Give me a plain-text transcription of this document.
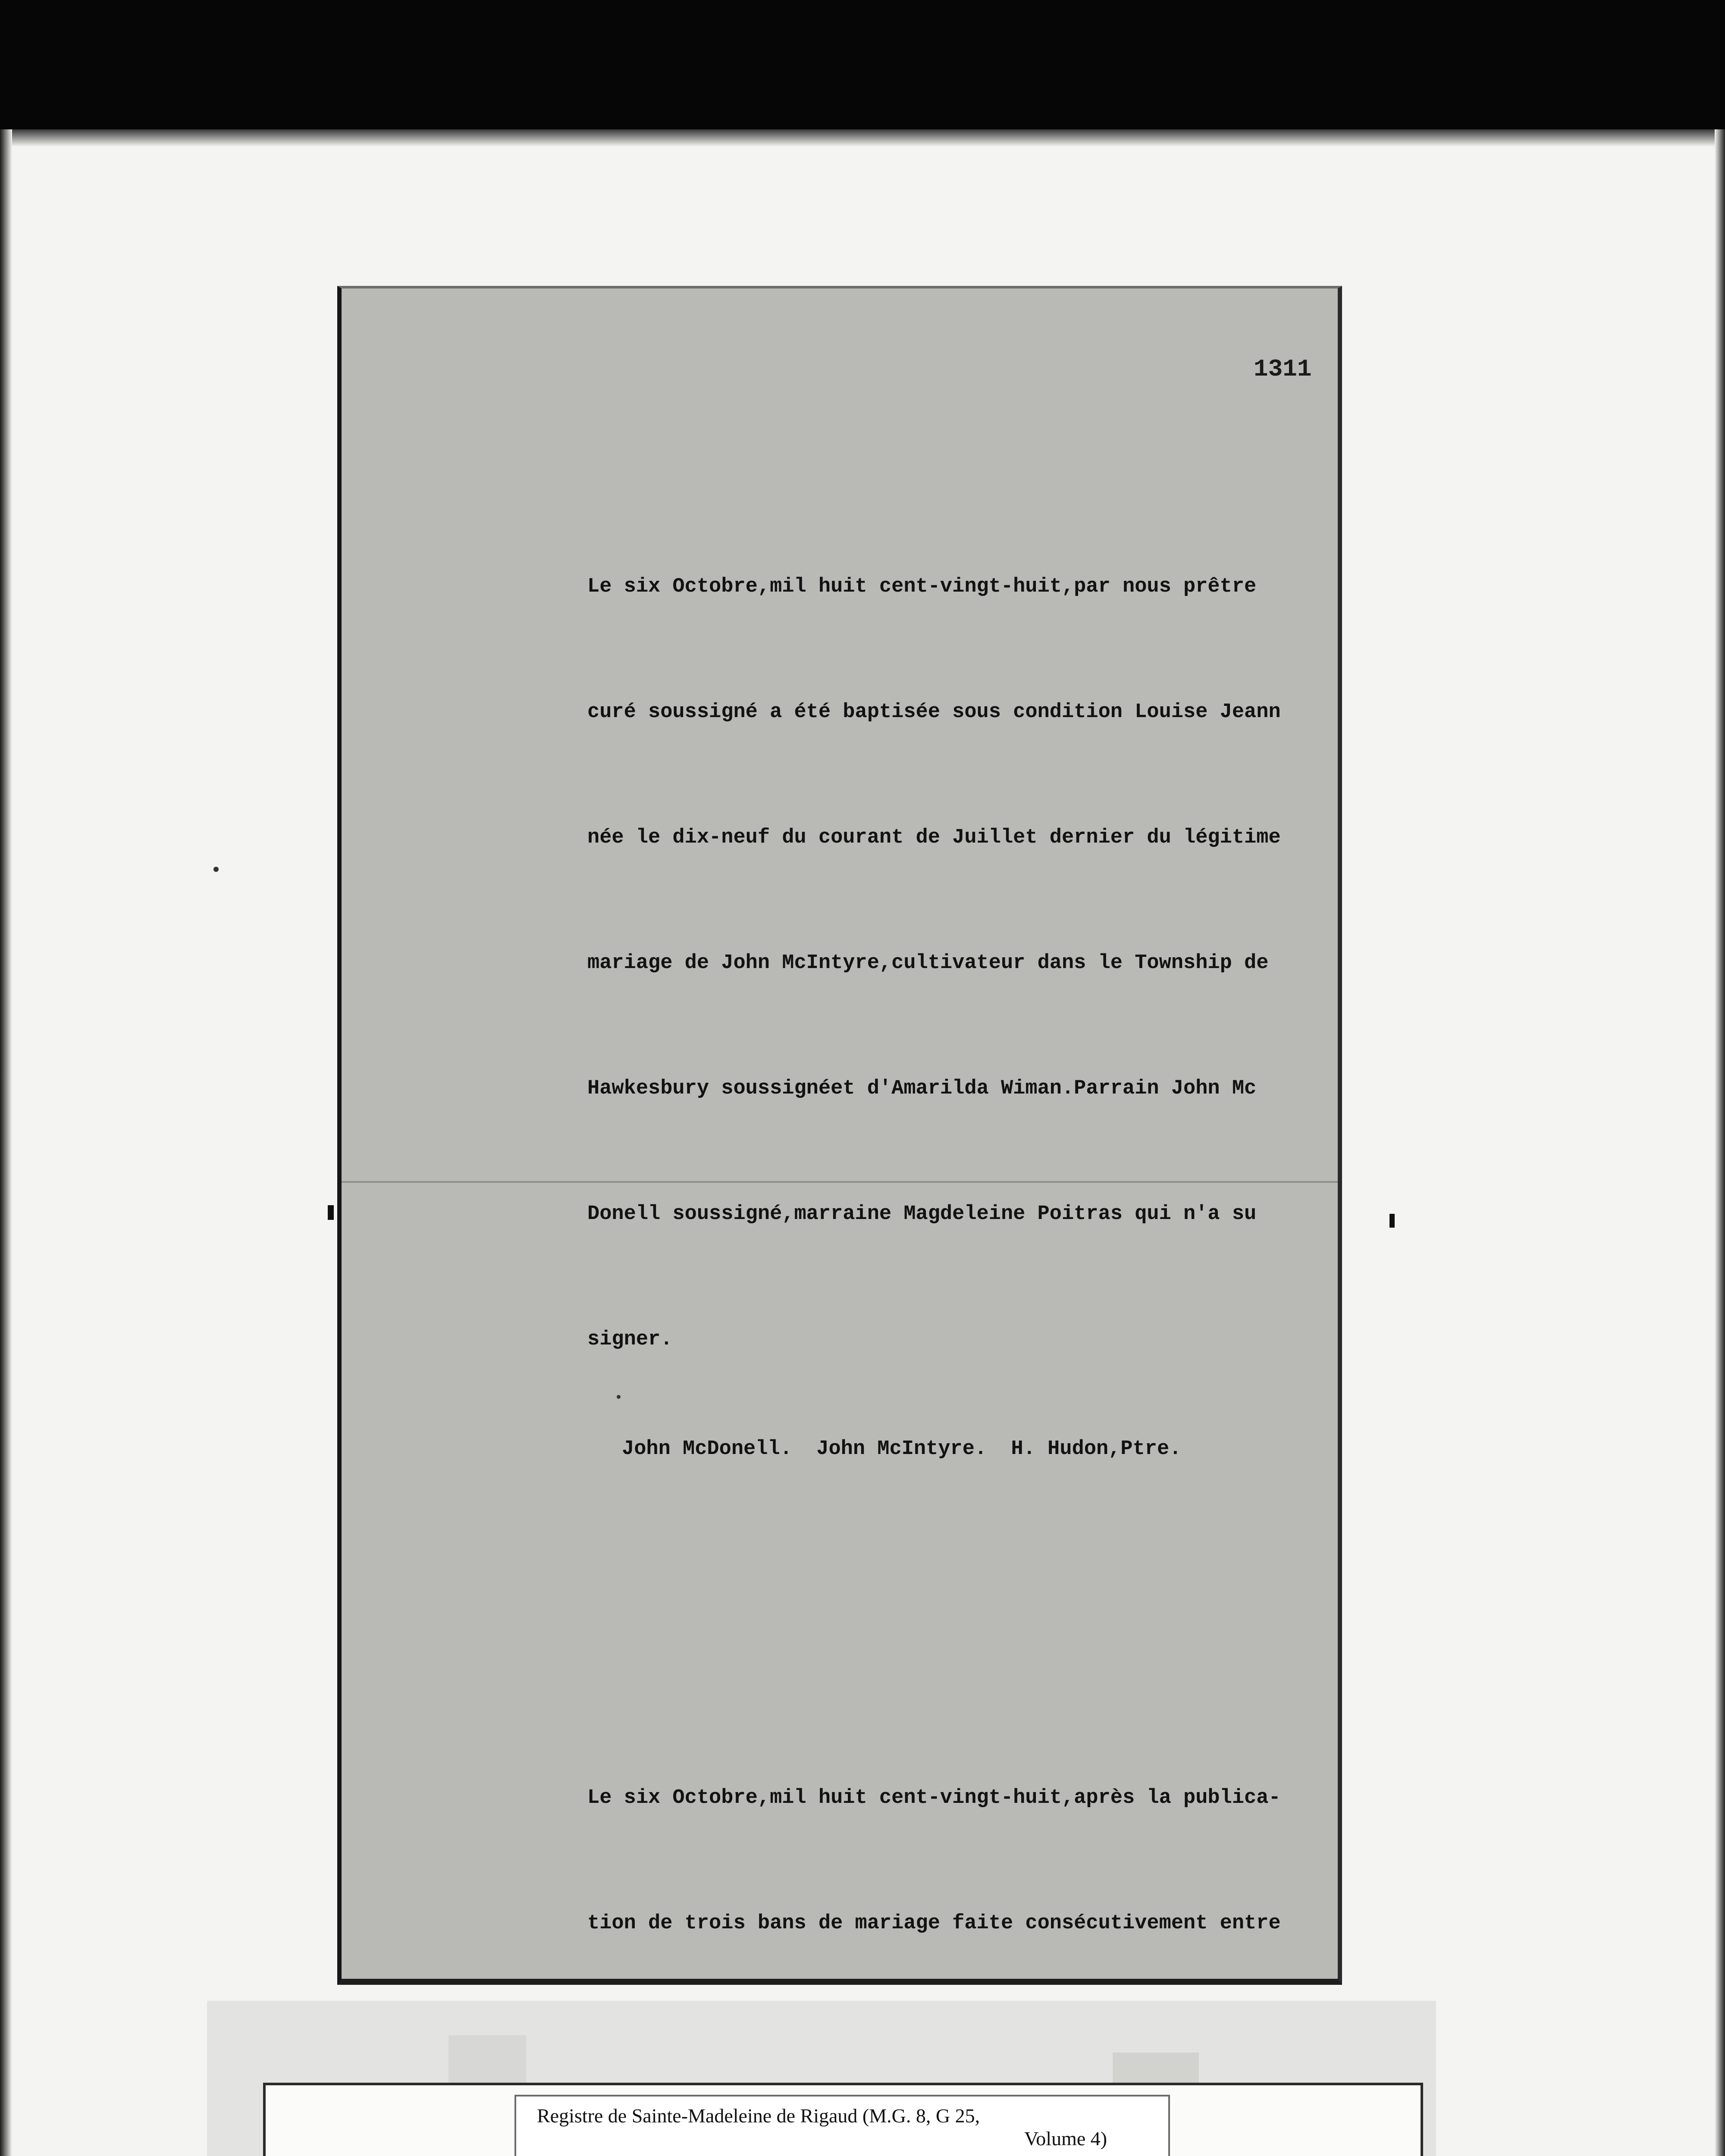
1311

Le six Octobre,mil huit cent-vingt-huit,par nous prêtre

curé soussigné a été baptisée sous condition Louise Jeann

née le dix-neuf du courant de Juillet dernier du légitime

mariage de John McIntyre,cultivateur dans le Township de

Hawkesbury soussignéet d'Amarilda Wiman.Parrain John Mc

Donell soussigné,marraine Magdeleine Poitras qui n'a su

signer.

John McDonell.  John McIntyre.  H. Hudon,Ptre.

Le six Octobre,mil huit cent-vingt-huit,après la publica-

tion de trois bans de mariage faite consécutivement entre

Registre de Sainte-Madeleine de Rigaud (M.G. 8, G 25,
Volume 4)
